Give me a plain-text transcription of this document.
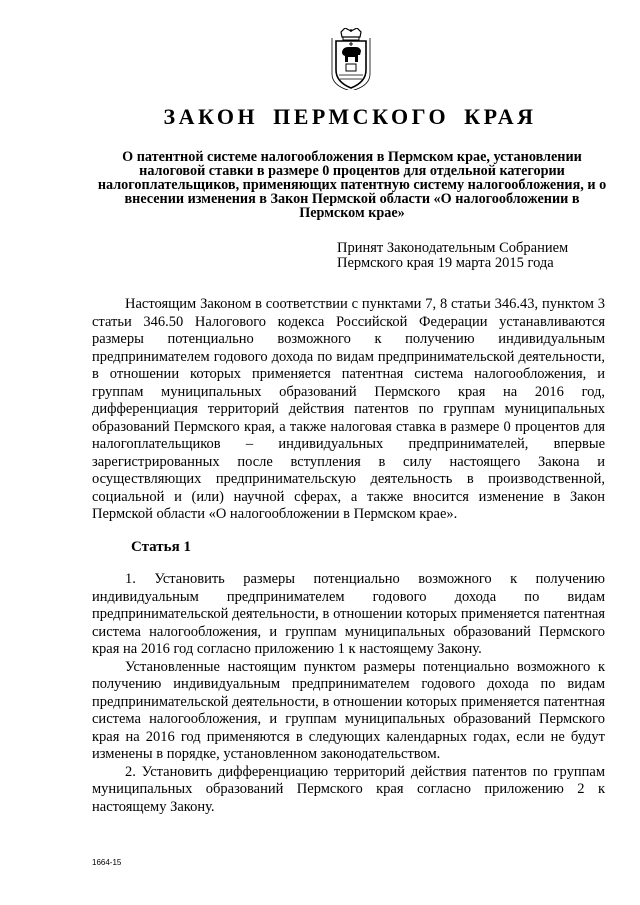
ЗАКОН ПЕРМСКОГО КРАЯ
О патентной системе налогообложения в Пермском крае, установлении налоговой ставки в размере 0 процентов для отдельной категории налогоплательщиков, применяющих патентную систему налогообложения, и о внесении изменения в Закон Пермской области «О налогообложении в Пермском крае»
Принят Законодательным Собранием
Пермского края 19 марта 2015 года

Настоящим Законом в соответствии с пунктами 7, 8 статьи 346.43, пунктом 3 статьи 346.50 Налогового кодекса Российской Федерации устанавливаются размеры потенциально возможного к получению индивидуальным предпринимателем годового дохода по видам предпринимательской деятельности, в отношении которых применяется патентная система налогообложения, и группам муниципальных образований Пермского края на 2016 год, дифференциация территорий действия патентов по группам муниципальных образований Пермского края, а также налоговая ставка в размере 0 процентов для налогоплательщиков – индивидуальных предпринимателей, впервые зарегистрированных после вступления в силу настоящего Закона и осуществляющих предпринимательскую деятельность в производственной, социальной и (или) научной сферах, а также вносится изменение в Закон Пермской области «О налогообложении в Пермском крае».

Статья 1

1. Установить размеры потенциально возможного к получению индивидуальным предпринимателем годового дохода по видам предпринимательской деятельности, в отношении которых применяется патентная система налогообложения, и группам муниципальных образований Пермского края на 2016 год согласно приложению 1 к настоящему Закону.

Установленные настоящим пунктом размеры потенциально возможного к получению индивидуальным предпринимателем годового дохода по видам предпринимательской деятельности, в отношении которых применяется патентная система налогообложения, и группам муниципальных образований Пермского края на 2016 год применяются в следующих календарных годах, если не будут изменены в порядке, установленном законодательством.

2. Установить дифференциацию территорий действия патентов по группам муниципальных образований Пермского края согласно приложению 2 к настоящему Закону.

1664-15
